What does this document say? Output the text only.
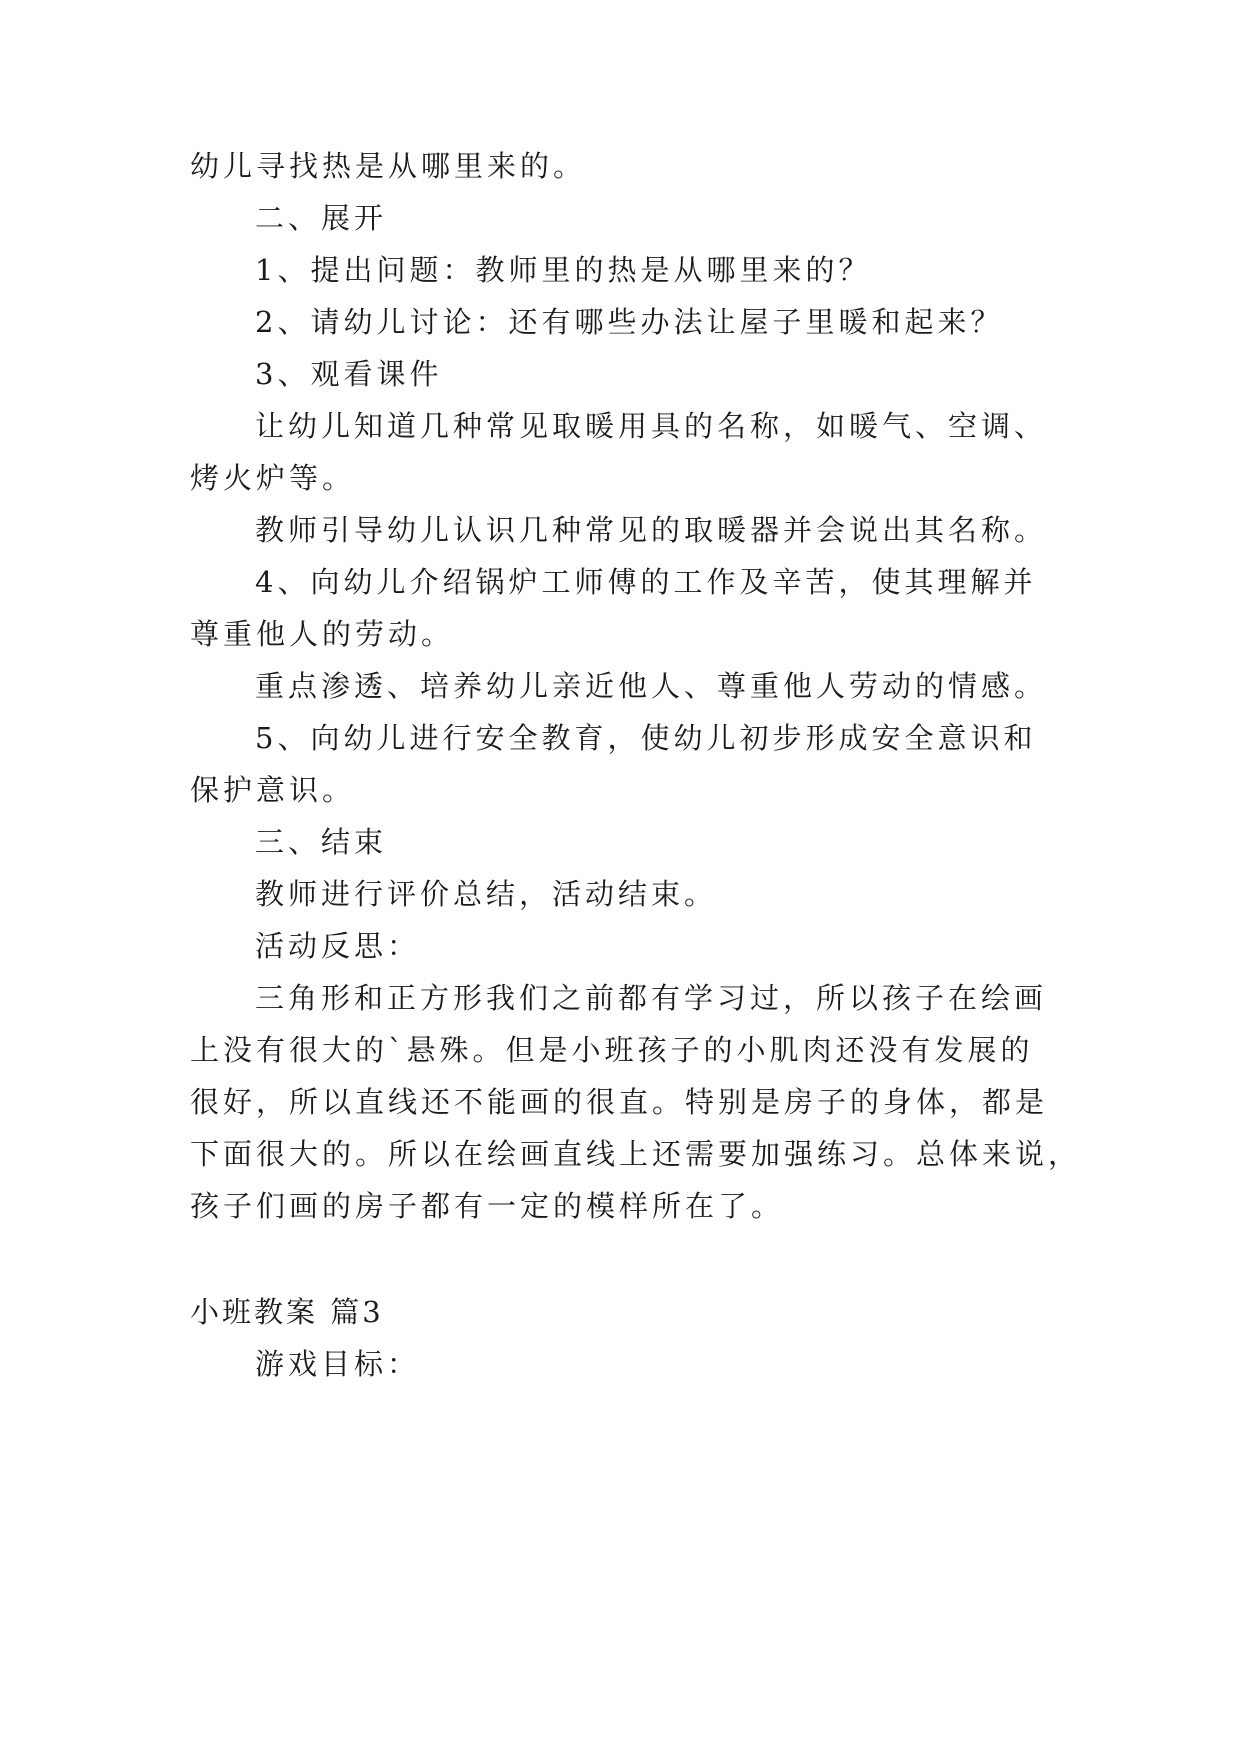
幼儿寻找热是从哪里来的。
二、展开
1、提出问题：教师里的热是从哪里来的？
2、请幼儿讨论：还有哪些办法让屋子里暖和起来？
3、观看课件
让幼儿知道几种常见取暖用具的名称，如暖气、空调、
烤火炉等。
教师引导幼儿认识几种常见的取暖器并会说出其名称。
4、向幼儿介绍锅炉工师傅的工作及辛苦，使其理解并
尊重他人的劳动。
重点渗透、培养幼儿亲近他人、尊重他人劳动的情感。
5、向幼儿进行安全教育，使幼儿初步形成安全意识和
保护意识。
三、结束
教师进行评价总结，活动结束。
活动反思：
三角形和正方形我们之前都有学习过，所以孩子在绘画
上没有很大的`悬殊。但是小班孩子的小肌肉还没有发展的
很好，所以直线还不能画的很直。特别是房子的身体，都是
下面很大的。所以在绘画直线上还需要加强练习。总体来说，
孩子们画的房子都有一定的模样所在了。
小班教案 篇3
游戏目标：
